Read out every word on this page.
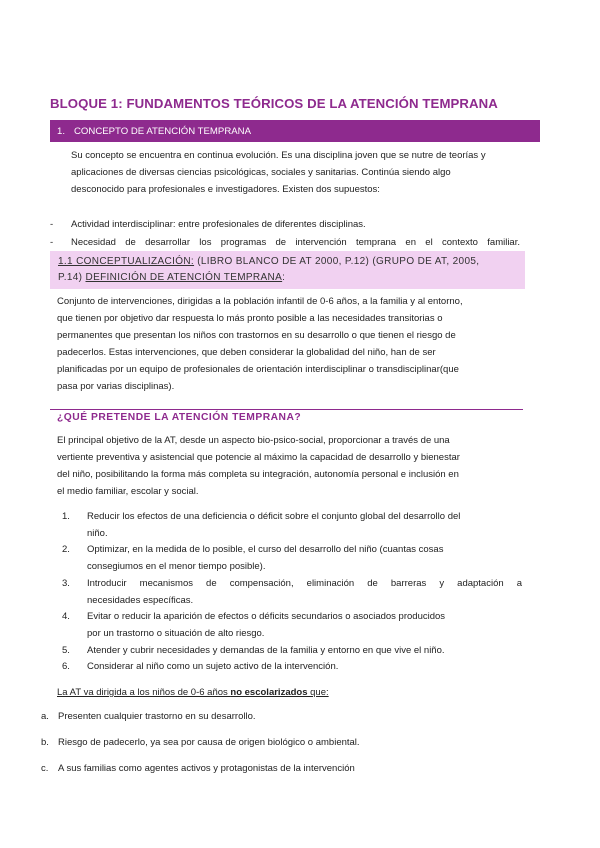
BLOQUE 1: FUNDAMENTOS TEÓRICOS DE LA ATENCIÓN TEMPRANA
1. CONCEPTO DE ATENCIÓN TEMPRANA
Su concepto se encuentra en continua evolución. Es una disciplina joven que se nutre de teorías y
aplicaciones de diversas ciencias psicológicas, sociales y sanitarias. Continúa siendo algo
desconocido para profesionales e investigadores. Existen dos supuestos:
-	Actividad interdisciplinar: entre profesionales de diferentes disciplinas.
-	Necesidad de desarrollar los programas de intervención temprana en el contexto familiar.
1.1 CONCEPTUALIZACIÓN: (LIBRO BLANCO DE AT 2000, P.12) (GRUPO DE AT, 2005,
P.14) DEFINICIÓN DE ATENCIÓN TEMPRANA:
Conjunto de intervenciones, dirigidas a la población infantil de 0-6 años, a la familia y al entorno,
que tienen por objetivo dar respuesta lo más pronto posible a las necesidades transitorias o
permanentes que presentan los niños con trastornos en su desarrollo o que tienen el riesgo de
padecerlos. Estas intervenciones, que deben considerar la globalidad del niño, han de ser
planificadas por un equipo de profesionales de orientación interdisciplinar o transdisciplinar(que
pasa por varias disciplinas).
¿QUÉ PRETENDE LA ATENCIÓN TEMPRANA?
El principal objetivo de la AT, desde un aspecto bio-psico-social, proporcionar a través de una
vertiente preventiva y asistencial que potencie al máximo la capacidad de desarrollo y bienestar
del niño, posibilitando la forma más completa su integración, autonomía personal e inclusión en
el medio familiar, escolar y social.
1.	Reducir los efectos de una deficiencia o déficit sobre el conjunto global del desarrollo del
niño.
2.	Optimizar, en la medida de lo posible, el curso del desarrollo del niño (cuantas cosas
consegiumos en el menor tiempo posible).
3.	Introducir mecanismos de compensación, eliminación de barreras y adaptación a
necesidades específicas.
4.	Evitar o reducir la aparición de efectos o déficits secundarios o asociados producidos
por un trastorno o situación de alto riesgo.
5.	Atender y cubrir necesidades y demandas de la familia y entorno en que vive el niño.
6.	Considerar al niño como un sujeto activo de la intervención.
La AT va dirigida a los niños de 0-6 años no escolarizados que:
a. Presenten cualquier trastorno en su desarrollo.
b. Riesgo de padecerlo, ya sea por causa de origen biológico o ambiental.
c.	A sus familias como agentes activos y protagonistas de la intervención
